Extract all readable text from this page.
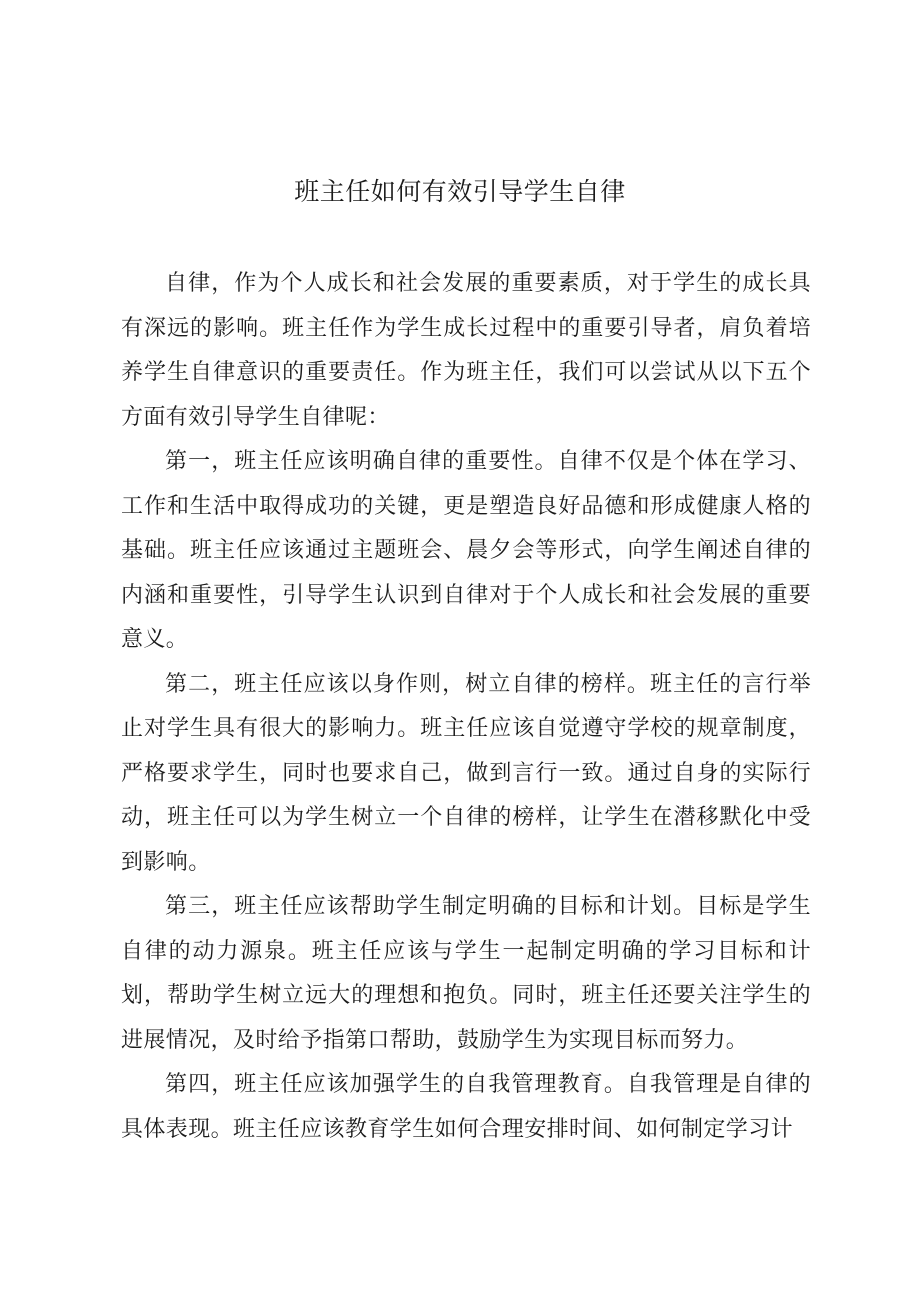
班主任如何有效引导学生自律

自律，作为个人成长和社会发展的重要素质，对于学生的成长具有深远的影响。班主任作为学生成长过程中的重要引导者，肩负着培养学生自律意识的重要责任。作为班主任，我们可以尝试从以下五个方面有效引导学生自律呢：

第一，班主任应该明确自律的重要性。自律不仅是个体在学习、工作和生活中取得成功的关键，更是塑造良好品德和形成健康人格的基础。班主任应该通过主题班会、晨夕会等形式，向学生阐述自律的内涵和重要性，引导学生认识到自律对于个人成长和社会发展的重要意义。

第二，班主任应该以身作则，树立自律的榜样。班主任的言行举止对学生具有很大的影响力。班主任应该自觉遵守学校的规章制度，严格要求学生，同时也要求自己，做到言行一致。通过自身的实际行动，班主任可以为学生树立一个自律的榜样，让学生在潜移默化中受到影响。

第三，班主任应该帮助学生制定明确的目标和计划。目标是学生自律的动力源泉。班主任应该与学生一起制定明确的学习目标和计划，帮助学生树立远大的理想和抱负。同时，班主任还要关注学生的进展情况，及时给予指第口帮助，鼓励学生为实现目标而努力。

第四，班主任应该加强学生的自我管理教育。自我管理是自律的具体表现。班主任应该教育学生如何合理安排时间、如何制定学习计
